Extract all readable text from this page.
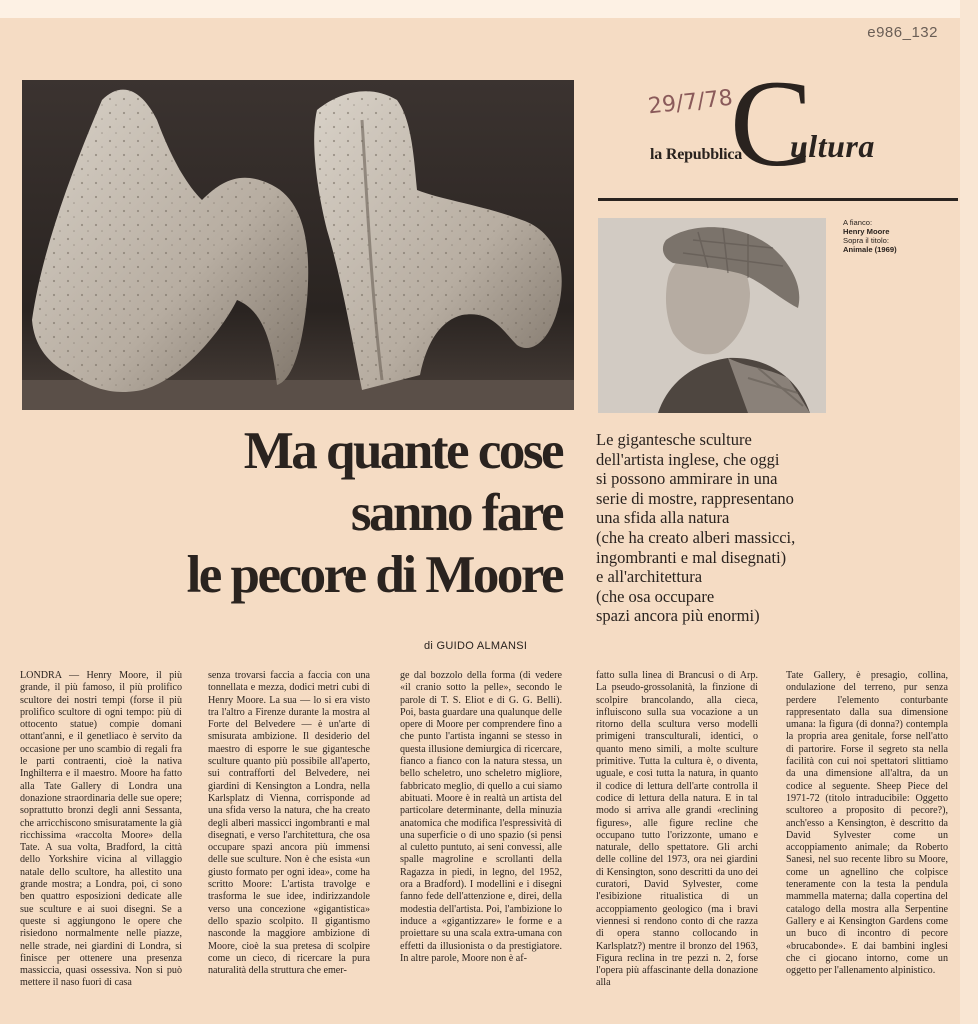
e986_132
29/7/78
la Repubblica
C
ultura
A fianco:
Henry Moore
Sopra il titolo:
Animale (1969)
Ma quante cose
sanno fare
le pecore di Moore
Le gigantesche sculture
dell'artista inglese, che oggi
si possono ammirare in una
serie di mostre, rappresentano
una sfida alla natura
(che ha creato alberi massicci,
ingombranti e mal disegnati)
e all'architettura
(che osa occupare
spazi ancora più enormi)
di GUIDO ALMANSI

LONDRA — Henry Moore, il più grande, il più famoso, il più prolifico scultore dei nostri tempi (forse il più prolifico scultore di ogni tempo: più di ottocento statue) compie domani ottant'anni, e il genetliaco è servito da occasione per uno scambio di regali fra le parti contraenti, cioè la nativa Inghilterra e il maestro. Moore ha fatto alla Tate Gallery di Londra una donazione straordinaria delle sue opere; soprattutto bronzi degli anni Sessanta, che arricchiscono smisuratamente la già ricchissima «raccolta Moore» della Tate. A sua volta, Bradford, la città dello Yorkshire vicina al villaggio natale dello scultore, ha allestito una grande mostra; a Londra, poi, ci sono ben quattro esposizioni dedicate alle sue sculture e ai suoi disegni. Se a queste si aggiungono le opere che risiedono normalmente nelle piazze, nelle strade, nei giardini di Londra, si finisce per ottenere una presenza massiccia, quasi ossessiva. Non si può mettere il naso fuori di casa

senza trovarsi faccia a faccia con una tonnellata e mezza, dodici metri cubi di Henry Moore. La sua — lo si era visto tra l'altro a Firenze durante la mostra al Forte del Belvedere — è un'arte di smisurata ambizione. Il desiderio del maestro di esporre le sue gigantesche sculture quanto più possibile all'aperto, sui contrafforti del Belvedere, nei giardini di Kensington a Londra, nella Karlsplatz di Vienna, corrisponde ad una sfida verso la natura, che ha creato degli alberi massicci ingombranti e mal disegnati, e verso l'architettura, che osa occupare spazi ancora più immensi delle sue sculture. Non è che esista «un giusto formato per ogni idea», come ha scritto Moore: L'artista travolge e trasforma le sue idee, indirizzandole verso una concezione «gigantistica» dello spazio scolpito. Il gigantismo nasconde la maggiore ambizione di Moore, cioè la sua pretesa di scolpire come un cieco, di ricercare la pura naturalità della struttura che emer-

ge dal bozzolo della forma (di vedere «il cranio sotto la pelle», secondo le parole di T. S. Eliot e di G. G. Belli). Poi, basta guardare una qualunque delle opere di Moore per comprendere fino a che punto l'artista inganni se stesso in questa illusione demiurgica di ricercare, fianco a fianco con la natura stessa, un bello scheletro, uno scheletro migliore, fabbricato meglio, di quello a cui siamo abituati. Moore è in realtà un artista del particolare determinante, della minuzia anatomica che modifica l'espressività di una superficie o di uno spazio (si pensi al culetto puntuto, ai seni convessi, alle spalle magroline e scrollanti della Ragazza in piedi, in legno, del 1952, ora a Bradford). I modellini e i disegni fanno fede dell'attenzione e, direi, della modestia dell'artista. Poi, l'ambizione lo induce a «gigantizzare» le forme e a proiettare su una scala extra-umana con effetti da illusionista o da prestigiatore. In altre parole, Moore non è af-

fatto sulla linea di Brancusi o di Arp. La pseudo-grossolanità, la finzione di scolpire brancolando, alla cieca, influiscono sulla sua vocazione a un ritorno della scultura verso modelli primigeni transculturali, identici, o quanto meno simili, a molte sculture primitive. Tutta la cultura è, o diventa, uguale, e così tutta la natura, in quanto il codice di lettura dell'arte controlla il codice di lettura della natura. E in tal modo si arriva alle grandi «reclining figures», alle figure recline che occupano tutto l'orizzonte, umano e naturale, dello spettatore. Gli archi delle colline del 1973, ora nei giardini di Kensington, sono descritti da uno dei curatori, David Sylvester, come l'esibizione ritualistica di un accoppiamento geologico (ma i bravi viennesi si rendono conto di che razza di opera stanno collocando in Karlsplatz?) mentre il bronzo del 1963, Figura reclina in tre pezzi n. 2, forse l'opera più affascinante della donazione alla

Tate Gallery, è presagio, collina, ondulazione del terreno, pur senza perdere l'elemento conturbante rappresentato dalla sua dimensione umana: la figura (di donna?) contempla la propria area genitale, forse nell'atto di partorire. Forse il segreto sta nella facilità con cui noi spettatori slittiamo da una dimensione all'altra, da un codice al seguente. Sheep Piece del 1971-72 (titolo intraducibile: Oggetto scultoreo a proposito di pecore?), anch'esso a Kensington, è descritto da David Sylvester come un accoppiamento animale; da Roberto Sanesi, nel suo recente libro su Moore, come un agnellino che colpisce teneramente con la testa la pendula mammella materna; dalla copertina del catalogo della mostra alla Serpentine Gallery e ai Kensington Gardens come un buco di incontro di pecore «brucabonde». E dai bambini inglesi che ci giocano intorno, come un oggetto per l'allenamento alpinistico.
